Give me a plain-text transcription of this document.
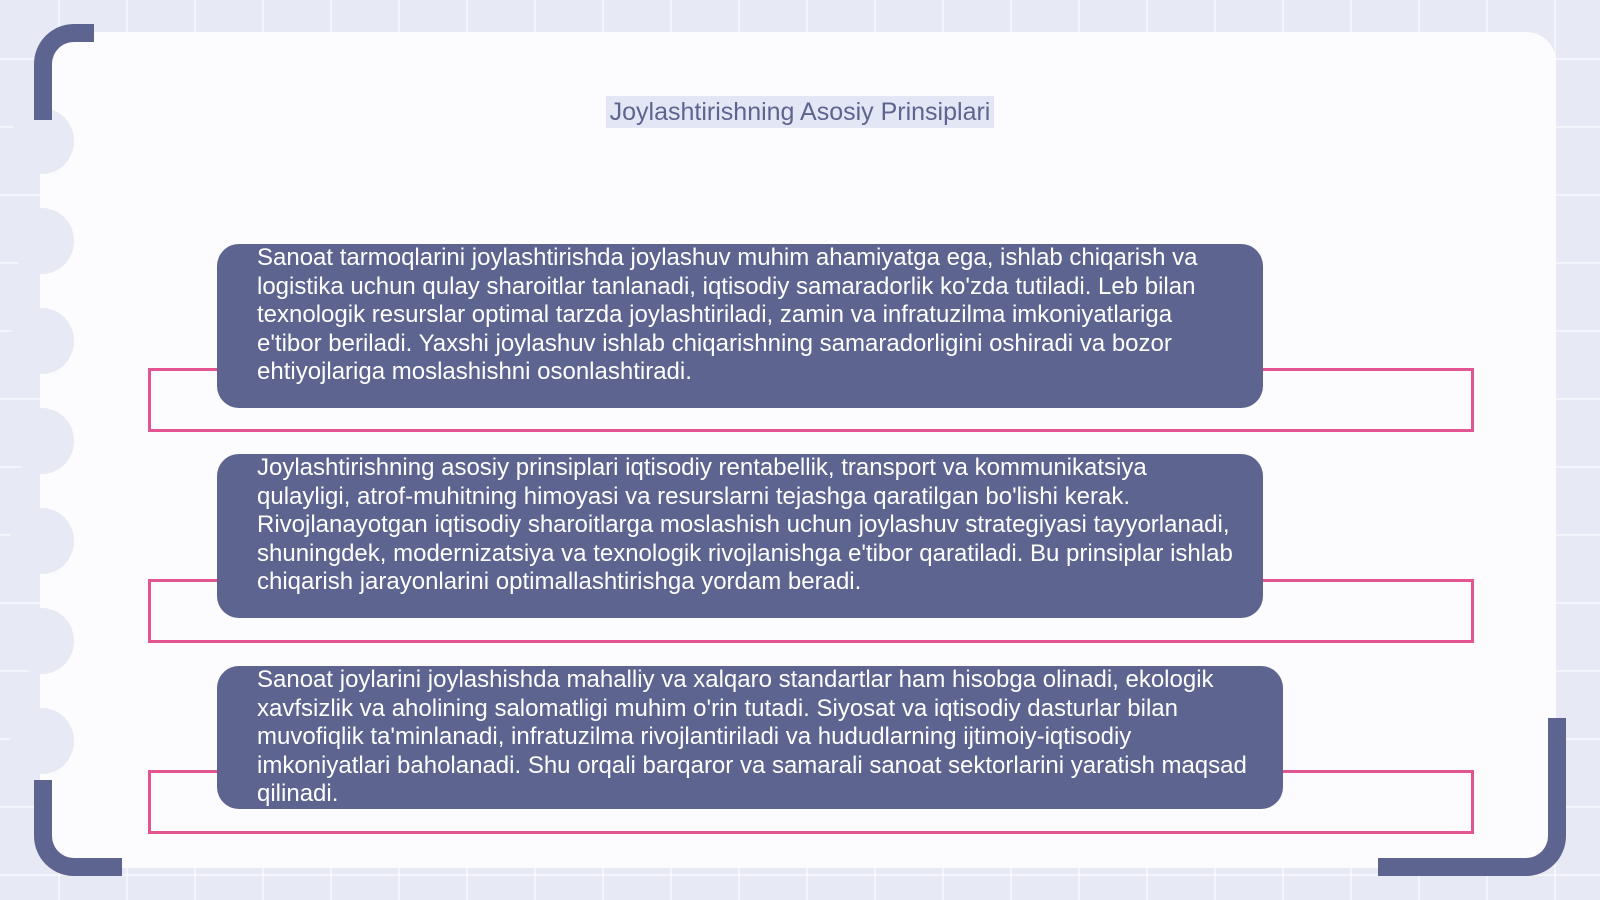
Joylashtirishning Asosiy Prinsiplari
Sanoat tarmoqlarini joylashtirishda joylashuv muhim ahamiyatga ega, ishlab chiqarish va logistika uchun qulay sharoitlar tanlanadi, iqtisodiy samaradorlik ko'zda tutiladi. Leb bilan texnologik resurslar optimal tarzda joylashtiriladi, zamin va infratuzilma imkoniyatlariga e'tibor beriladi. Yaxshi joylashuv ishlab chiqarishning samaradorligini oshiradi va bozor ehtiyojlariga moslashishni osonlashtiradi.
Joylashtirishning asosiy prinsiplari iqtisodiy rentabellik, transport va kommunikatsiya qulayligi, atrof-muhitning himoyasi va resurslarni tejashga qaratilgan bo'lishi kerak. Rivojlanayotgan iqtisodiy sharoitlarga moslashish uchun joylashuv strategiyasi tayyorlanadi, shuningdek, modernizatsiya va texnologik rivojlanishga e'tibor qaratiladi. Bu prinsiplar ishlab chiqarish jarayonlarini optimallashtirishga yordam beradi.
Sanoat joylarini joylashishda mahalliy va xalqaro standartlar ham hisobga olinadi, ekologik xavfsizlik va aholining salomatligi muhim o'rin tutadi. Siyosat va iqtisodiy dasturlar bilan muvofiqlik ta'minlanadi, infratuzilma rivojlantiriladi va hududlarning ijtimoiy-iqtisodiy imkoniyatlari baholanadi. Shu orqali barqaror va samarali sanoat sektorlarini yaratish maqsad qilinadi.
